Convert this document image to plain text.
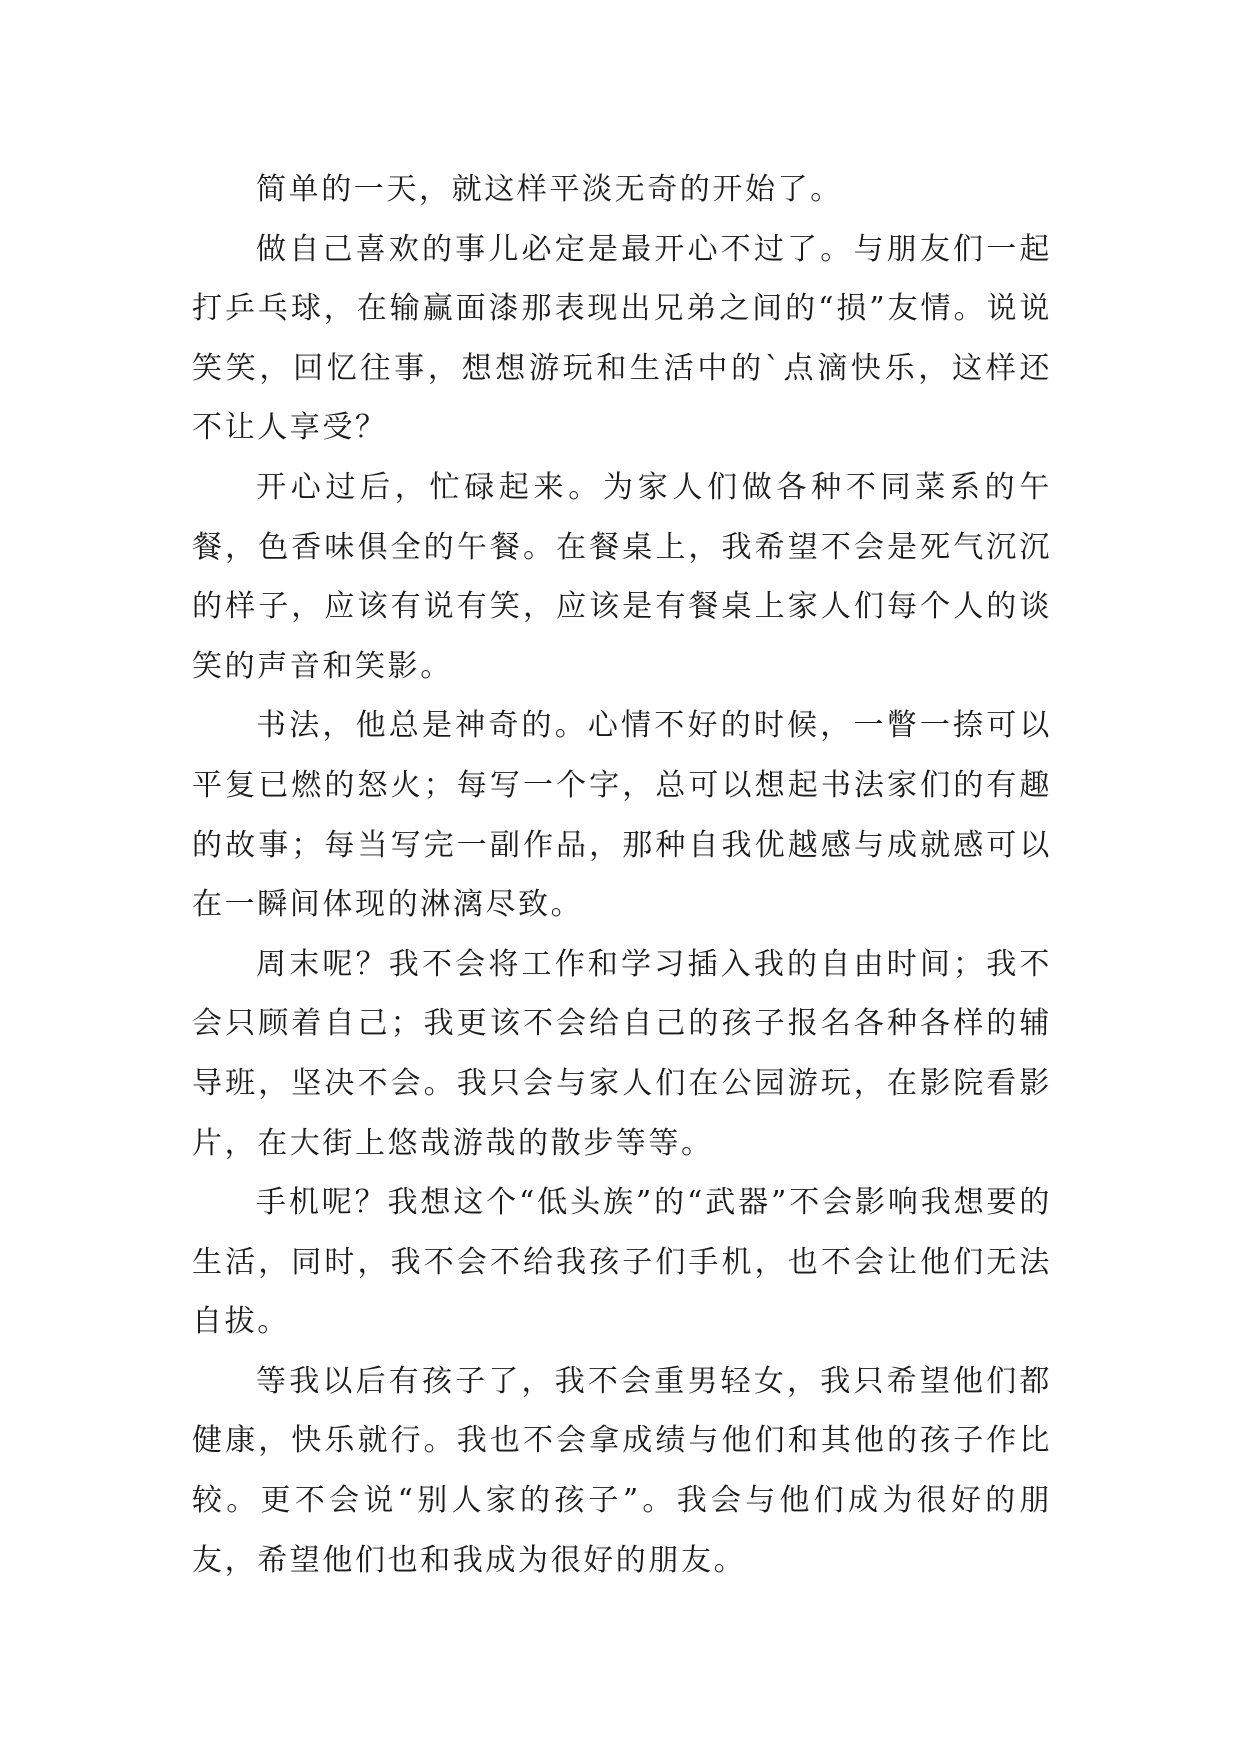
简单的一天，就这样平淡无奇的开始了。

做自己喜欢的事儿必定是最开心不过了。与朋友们一起打乒乓球，在输赢面漆那表现出兄弟之间的“损”友情。说说笑笑，回忆往事，想想游玩和生活中的`点滴快乐，这样还不让人享受？

开心过后，忙碌起来。为家人们做各种不同菜系的午餐，色香味俱全的午餐。在餐桌上，我希望不会是死气沉沉的样子，应该有说有笑，应该是有餐桌上家人们每个人的谈笑的声音和笑影。

书法，他总是神奇的。心情不好的时候，一瞥一捺可以平复已燃的怒火；每写一个字，总可以想起书法家们的有趣的故事；每当写完一副作品，那种自我优越感与成就感可以在一瞬间体现的淋漓尽致。

周末呢？我不会将工作和学习插入我的自由时间；我不会只顾着自己；我更该不会给自己的孩子报名各种各样的辅导班，坚决不会。我只会与家人们在公园游玩，在影院看影片，在大街上悠哉游哉的散步等等。

手机呢？我想这个“低头族”的“武器”不会影响我想要的生活，同时，我不会不给我孩子们手机，也不会让他们无法自拔。

等我以后有孩子了，我不会重男轻女，我只希望他们都健康，快乐就行。我也不会拿成绩与他们和其他的孩子作比较。更不会说“别人家的孩子”。我会与他们成为很好的朋友，希望他们也和我成为很好的朋友。
